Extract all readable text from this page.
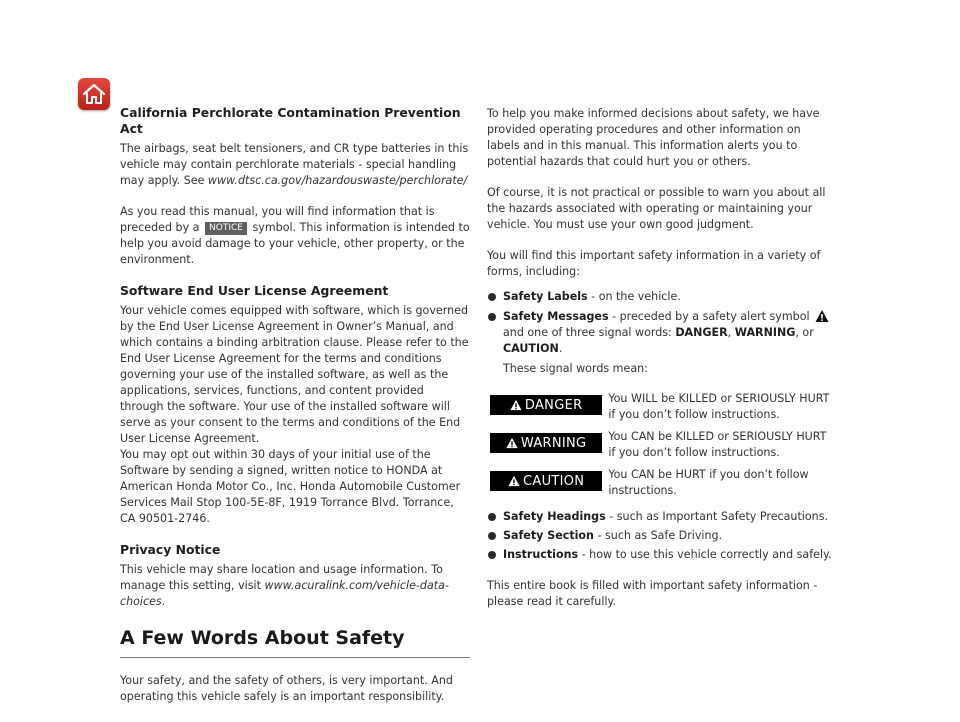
California Perchlorate Contamination Prevention Act

The airbags, seat belt tensioners, and CR type batteries in this vehicle may contain perchlorate materials - special handling may apply. See www.dtsc.ca.gov/hazardouswaste/perchlorate/

As you read this manual, you will find information that is preceded by a NOTICE symbol. This information is intended to help you avoid damage to your vehicle, other property, or the environment.

Software End User License Agreement

Your vehicle comes equipped with software, which is governed by the End User License Agreement in Owner’s Manual, and which contains a binding arbitration clause. Please refer to the End User License Agreement for the terms and conditions governing your use of the installed software, as well as the applications, services, functions, and content provided through the software. Your use of the installed software will serve as your consent to the terms and conditions of the End User License Agreement.

You may opt out within 30 days of your initial use of the Software by sending a signed, written notice to HONDA at American Honda Motor Co., Inc. Honda Automobile Customer Services Mail Stop 100-5E-8F, 1919 Torrance Blvd. Torrance, CA 90501-2746.

Privacy Notice

This vehicle may share location and usage information. To manage this setting, visit www.acuralink.com/vehicle-data-choices.

A Few Words About Safety

Your safety, and the safety of others, is very important. And operating this vehicle safely is an important responsibility.

To help you make informed decisions about safety, we have provided operating procedures and other information on labels and in this manual. This information alerts you to potential hazards that could hurt you or others.

Of course, it is not practical or possible to warn you about all the hazards associated with operating or maintaining your vehicle. You must use your own good judgment.

You will find this important safety information in a variety of forms, including:

Safety Labels - on the vehicle.
Safety Messages - preceded by a safety alert symbol  and one of three signal words: DANGER, WARNING, or CAUTION.
These signal words mean:
DANGER You WILL be KILLED or SERIOUSLY HURT if you don’t follow instructions.
WARNING You CAN be KILLED or SERIOUSLY HURT if you don’t follow instructions.
CAUTION You CAN be HURT if you don’t follow instructions.
Safety Headings - such as Important Safety Precautions.
Safety Section - such as Safe Driving.
Instructions - how to use this vehicle correctly and safely.

This entire book is filled with important safety information - please read it carefully.
